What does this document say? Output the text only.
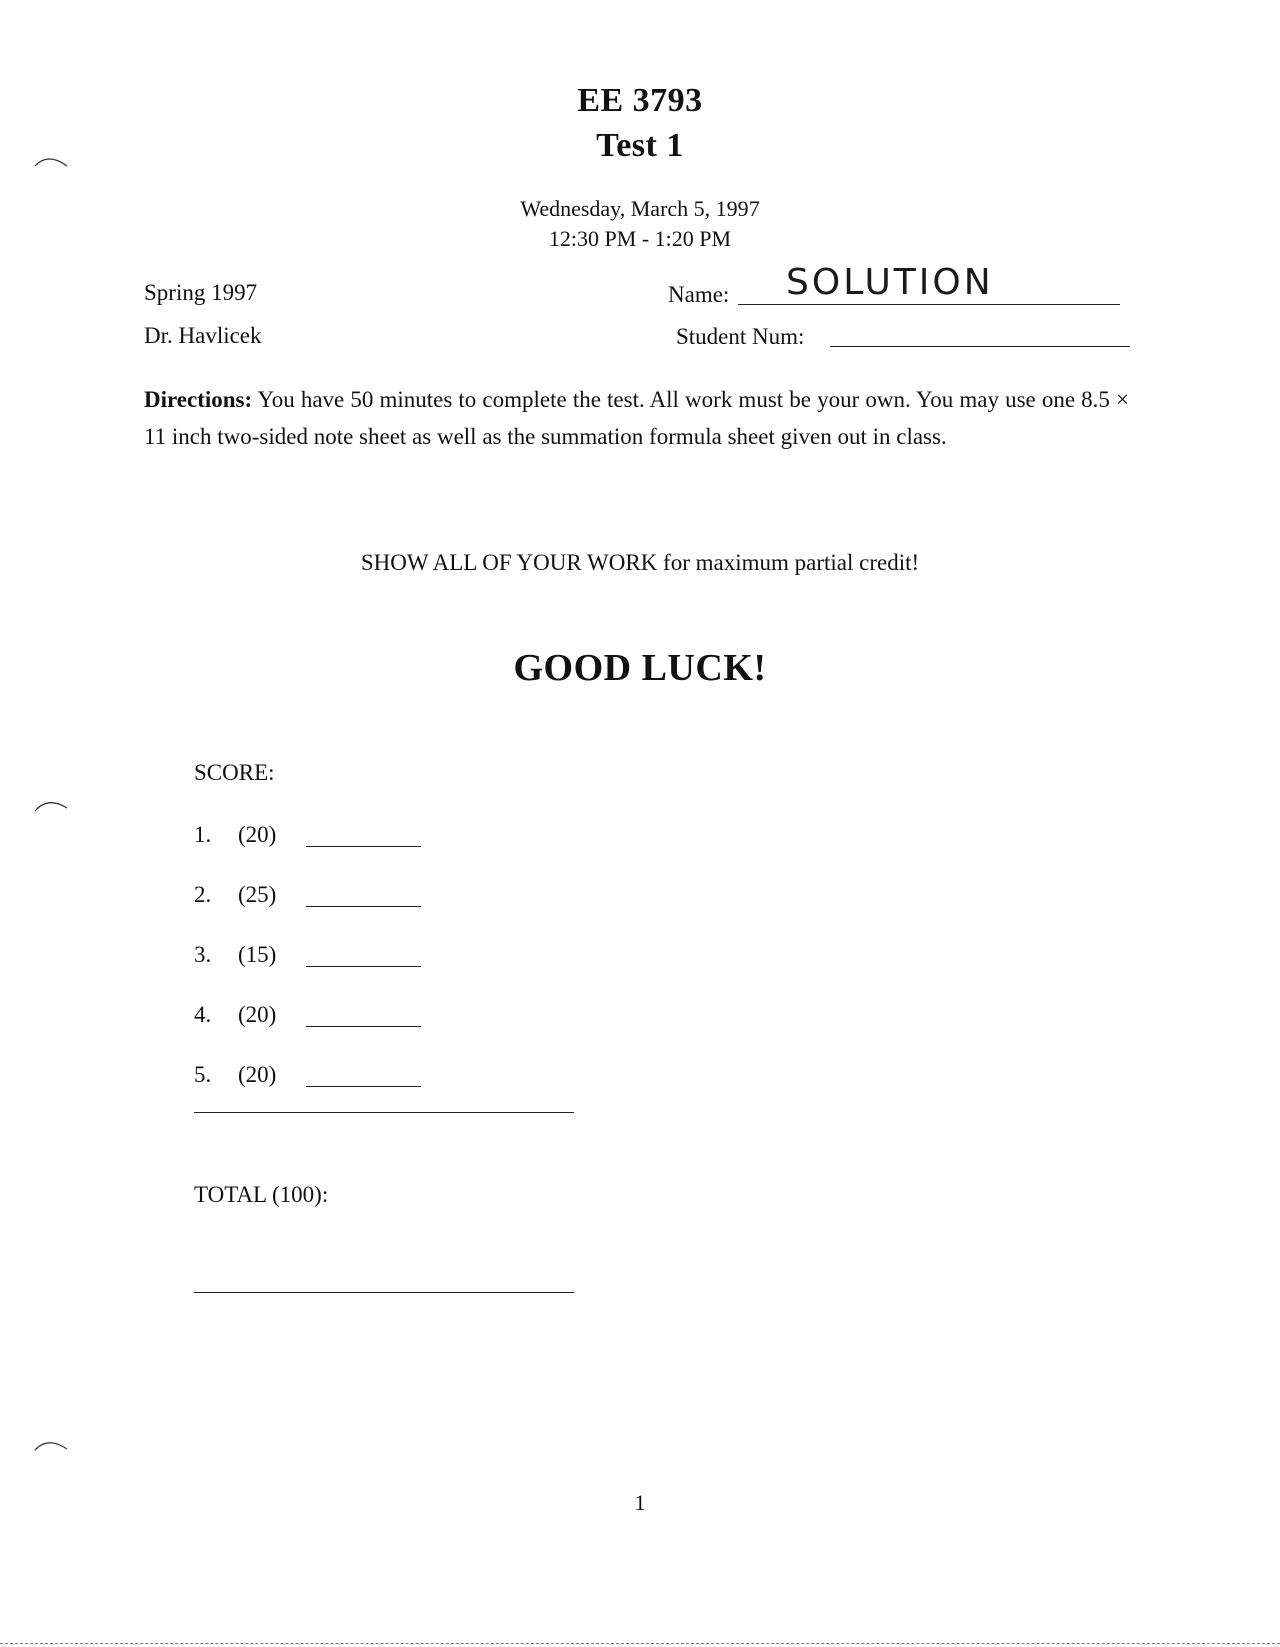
EE 3793
Test 1
Wednesday, March 5, 1997
12:30 PM - 1:20 PM
Spring 1997
Dr. Havlicek
Name: SOLUTION
Student Num:
Directions: You have 50 minutes to complete the test. All work must be your own. You may use one 8.5 × 11 inch two-sided note sheet as well as the summation formula sheet given out in class.
SHOW ALL OF YOUR WORK for maximum partial credit!
GOOD LUCK!
SCORE:
1. (20)
2. (25)
3. (15)
4. (20)
5. (20)
TOTAL (100):
1
